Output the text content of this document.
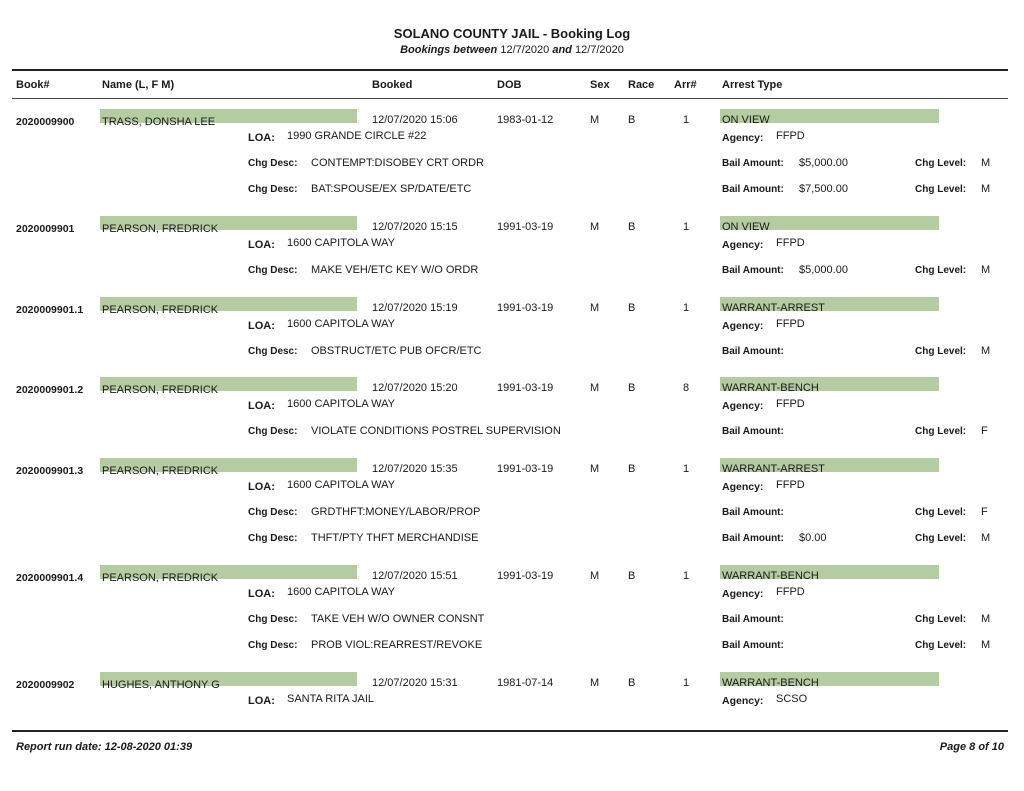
SOLANO COUNTY JAIL - Booking Log
Bookings between 12/7/2020 and 12/7/2020
Book#	Name (L, F M)	Booked	DOB	Sex Race Arr# Arrest Type
2020009900	TRASS, DONSHA LEE	12/07/2020 15:06	1983-01-12	M	B	1	ON VIEW
LOA: 1990 GRANDE CIRCLE #22	Agency: FFPD
Chg Desc: CONTEMPT:DISOBEY CRT ORDR	Bail Amount: $5,000.00	Chg Level: M
Chg Desc: BAT:SPOUSE/EX SP/DATE/ETC	Bail Amount: $7,500.00	Chg Level: M
2020009901	PEARSON, FREDRICK	12/07/2020 15:15	1991-03-19	M	B	1	ON VIEW
LOA: 1600 CAPITOLA WAY	Agency: FFPD
Chg Desc: MAKE VEH/ETC KEY W/O ORDR	Bail Amount: $5,000.00	Chg Level: M
2020009901.1 PEARSON, FREDRICK	12/07/2020 15:19	1991-03-19	M	B	1	WARRANT-ARREST
LOA: 1600 CAPITOLA WAY	Agency: FFPD
Chg Desc: OBSTRUCT/ETC PUB OFCR/ETC	Bail Amount:	Chg Level: M
2020009901.2 PEARSON, FREDRICK	12/07/2020 15:20	1991-03-19	M	B	8	WARRANT-BENCH
LOA: 1600 CAPITOLA WAY	Agency: FFPD
Chg Desc: VIOLATE CONDITIONS POSTREL SUPERVISION	Bail Amount:	Chg Level: F
2020009901.3 PEARSON, FREDRICK	12/07/2020 15:35	1991-03-19	M	B	1	WARRANT-ARREST
LOA: 1600 CAPITOLA WAY	Agency: FFPD
Chg Desc: GRDTHFT:MONEY/LABOR/PROP	Bail Amount:	Chg Level: F
Chg Desc: THFT/PTY THFT MERCHANDISE	Bail Amount: $0.00	Chg Level: M
2020009901.4 PEARSON, FREDRICK	12/07/2020 15:51	1991-03-19	M	B	1	WARRANT-BENCH
LOA: 1600 CAPITOLA WAY	Agency: FFPD
Chg Desc: TAKE VEH W/O OWNER CONSNT	Bail Amount:	Chg Level: M
Chg Desc: PROB VIOL:REARREST/REVOKE	Bail Amount:	Chg Level: M
2020009902	HUGHES, ANTHONY G	12/07/2020 15:31	1981-07-14	M	B	1	WARRANT-BENCH
LOA: SANTA RITA JAIL	Agency: SCSO
Report run date: 12-08-2020 01:39	Page 8 of 10
